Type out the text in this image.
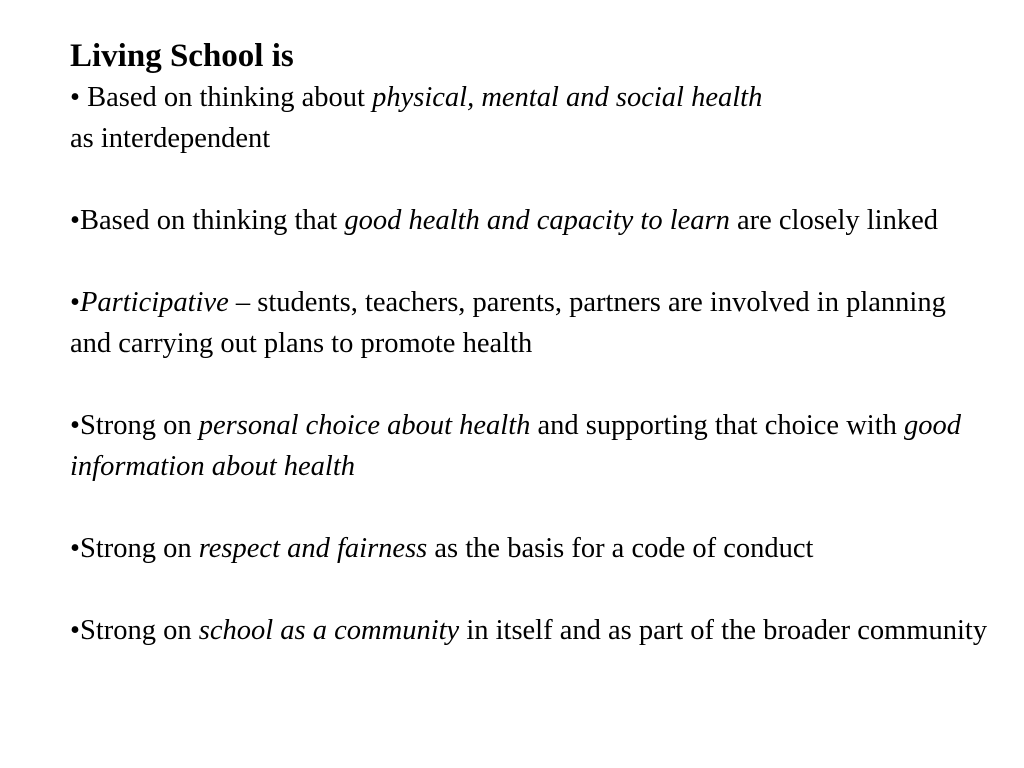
Living School is

• Based on thinking about physical, mental and social health
as interdependent

•Based on thinking that good health and capacity to learn are closely linked

•Participative – students, teachers, parents, partners are involved in planning and carrying out plans to promote health

•Strong on personal choice about health and supporting that choice with good information about health

•Strong on respect and fairness as the basis for a code of conduct

•Strong on school as a community in itself and as part of the broader community
